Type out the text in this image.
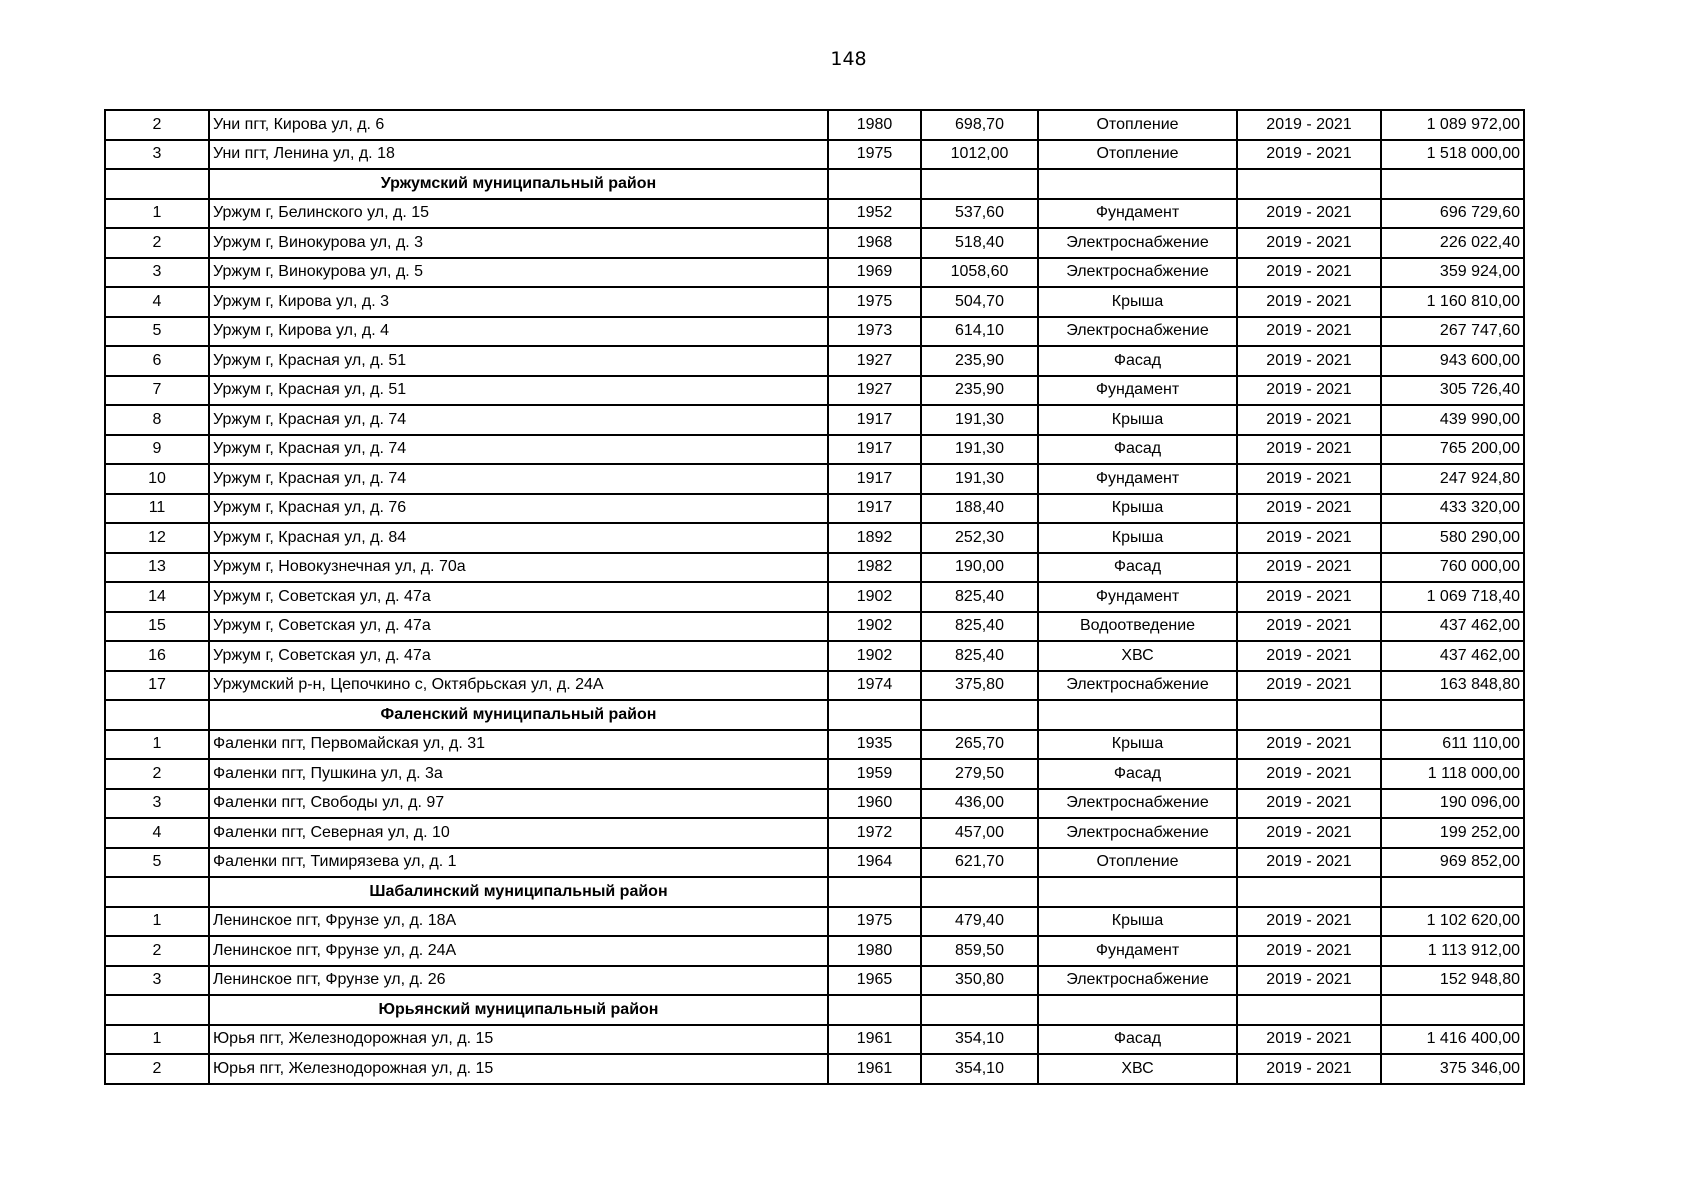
148
2	Уни пгт, Кирова ул, д. 6	1980	698,70	Отопление	2019 - 2021	1 089 972,00
3	Уни пгт, Ленина ул, д. 18	1975	1012,00	Отопление	2019 - 2021	1 518 000,00
	Уржумский муниципальный район					
1	Уржум г, Белинского ул, д. 15	1952	537,60	Фундамент	2019 - 2021	696 729,60
2	Уржум г, Винокурова ул, д. 3	1968	518,40	Электроснабжение	2019 - 2021	226 022,40
3	Уржум г, Винокурова ул, д. 5	1969	1058,60	Электроснабжение	2019 - 2021	359 924,00
4	Уржум г, Кирова ул, д. 3	1975	504,70	Крыша	2019 - 2021	1 160 810,00
5	Уржум г, Кирова ул, д. 4	1973	614,10	Электроснабжение	2019 - 2021	267 747,60
6	Уржум г, Красная ул, д. 51	1927	235,90	Фасад	2019 - 2021	943 600,00
7	Уржум г, Красная ул, д. 51	1927	235,90	Фундамент	2019 - 2021	305 726,40
8	Уржум г, Красная ул, д. 74	1917	191,30	Крыша	2019 - 2021	439 990,00
9	Уржум г, Красная ул, д. 74	1917	191,30	Фасад	2019 - 2021	765 200,00
10	Уржум г, Красная ул, д. 74	1917	191,30	Фундамент	2019 - 2021	247 924,80
11	Уржум г, Красная ул, д. 76	1917	188,40	Крыша	2019 - 2021	433 320,00
12	Уржум г, Красная ул, д. 84	1892	252,30	Крыша	2019 - 2021	580 290,00
13	Уржум г, Новокузнечная ул, д. 70а	1982	190,00	Фасад	2019 - 2021	760 000,00
14	Уржум г, Советская ул, д. 47а	1902	825,40	Фундамент	2019 - 2021	1 069 718,40
15	Уржум г, Советская ул, д. 47а	1902	825,40	Водоотведение	2019 - 2021	437 462,00
16	Уржум г, Советская ул, д. 47а	1902	825,40	ХВС	2019 - 2021	437 462,00
17	Уржумский р-н, Цепочкино с, Октябрьская ул, д. 24А	1974	375,80	Электроснабжение	2019 - 2021	163 848,80
	Фаленский муниципальный район					
1	Фаленки пгт, Первомайская ул, д. 31	1935	265,70	Крыша	2019 - 2021	611 110,00
2	Фаленки пгт, Пушкина ул, д. 3а	1959	279,50	Фасад	2019 - 2021	1 118 000,00
3	Фаленки пгт, Свободы ул, д. 97	1960	436,00	Электроснабжение	2019 - 2021	190 096,00
4	Фаленки пгт, Северная ул, д. 10	1972	457,00	Электроснабжение	2019 - 2021	199 252,00
5	Фаленки пгт, Тимирязева ул, д. 1	1964	621,70	Отопление	2019 - 2021	969 852,00
	Шабалинский муниципальный район					
1	Ленинское пгт, Фрунзе ул, д. 18А	1975	479,40	Крыша	2019 - 2021	1 102 620,00
2	Ленинское пгт, Фрунзе ул, д. 24А	1980	859,50	Фундамент	2019 - 2021	1 113 912,00
3	Ленинское пгт, Фрунзе ул, д. 26	1965	350,80	Электроснабжение	2019 - 2021	152 948,80
	Юрьянский муниципальный район					
1	Юрья пгт, Железнодорожная ул, д. 15	1961	354,10	Фасад	2019 - 2021	1 416 400,00
2	Юрья пгт, Железнодорожная ул, д. 15	1961	354,10	ХВС	2019 - 2021	375 346,00
